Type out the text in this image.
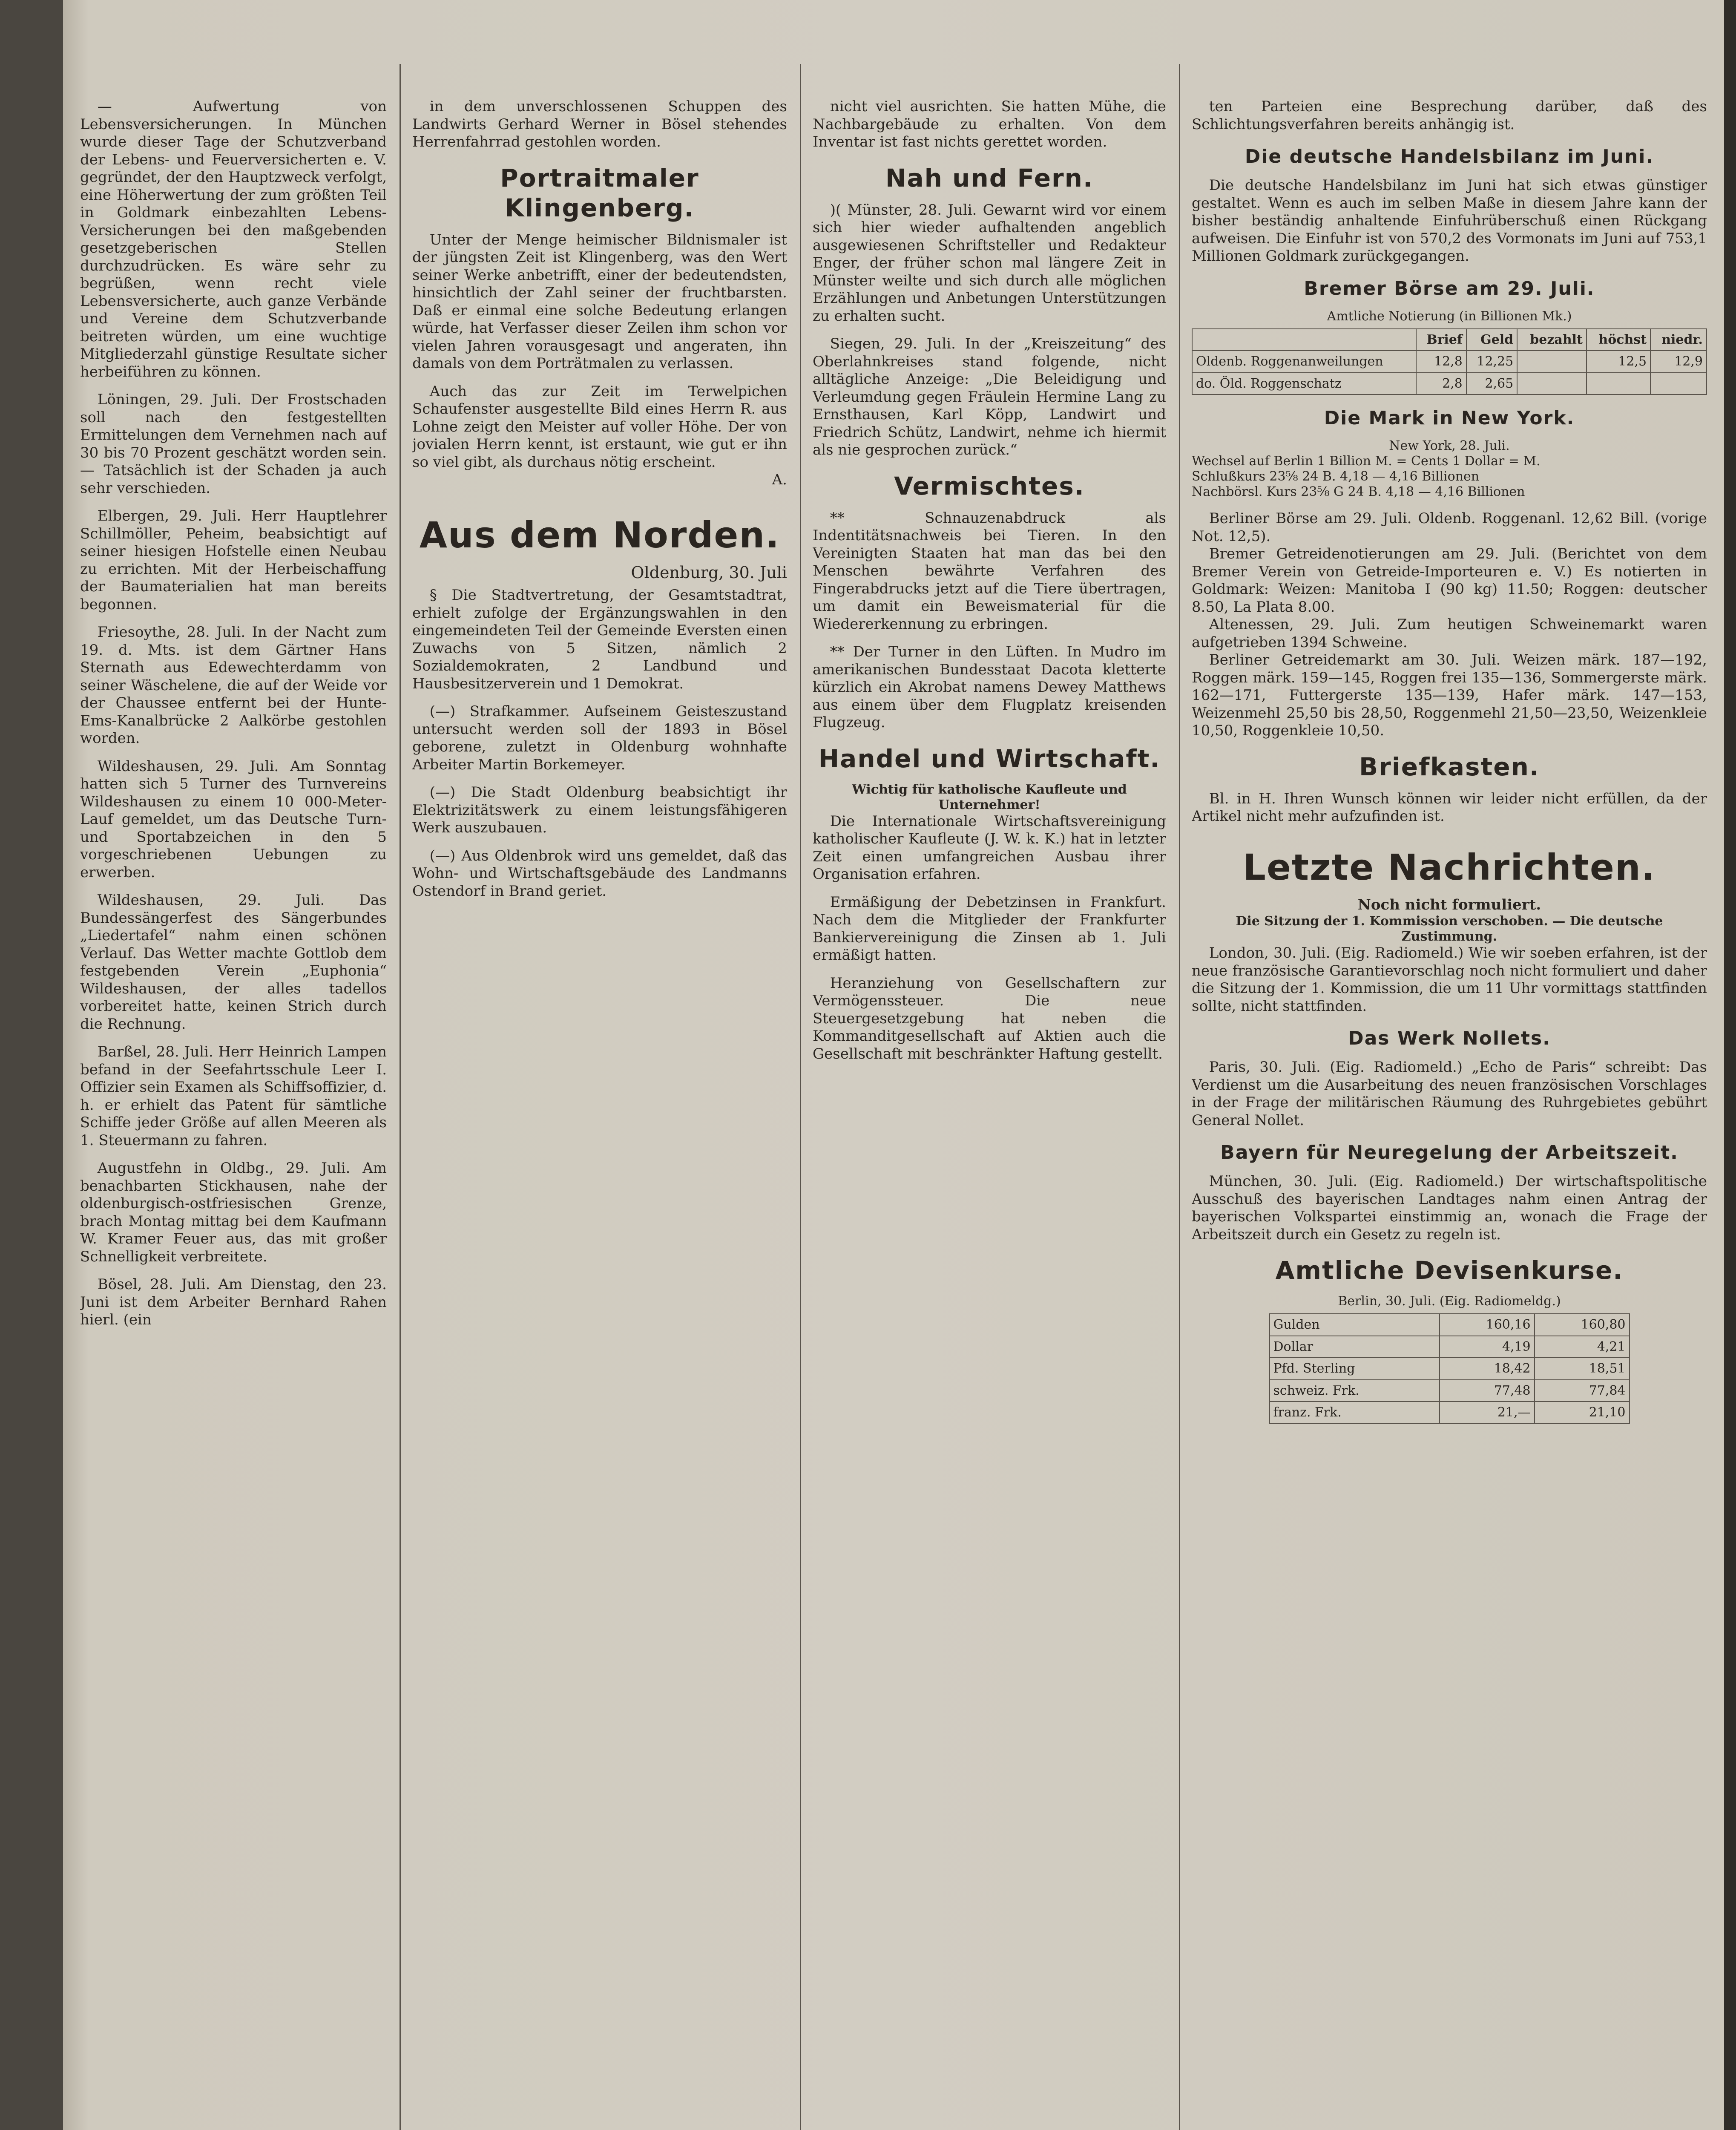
— Aufwertung von Lebensversicherungen. In München wurde dieser Tage der Schutzverband der Lebens- und Feuerversicherten e. V. gegründet, der den Hauptzweck verfolgt, eine Höherwertung der zum größten Teil in Goldmark einbezahlten Lebens-Versicherungen bei den maßgebenden gesetzgeberischen Stellen durchzudrücken. Es wäre sehr zu begrüßen, wenn recht viele Lebensversicherte, auch ganze Verbände und Vereine dem Schutzverbande beitreten würden, um eine wuchtige Mitgliederzahl günstige Resultate sicher herbeiführen zu können.

Löningen, 29. Juli. Der Frostschaden soll nach den festgestellten Ermittelungen dem Vernehmen nach auf 30 bis 70 Prozent geschätzt worden sein. — Tatsächlich ist der Schaden ja auch sehr verschieden.

Elbergen, 29. Juli. Herr Hauptlehrer Schillmöller, Peheim, beabsichtigt auf seiner hiesigen Hofstelle einen Neubau zu errichten. Mit der Herbeischaffung der Baumaterialien hat man bereits begonnen.

Friesoythe, 28. Juli. In der Nacht zum 19. d. Mts. ist dem Gärtner Hans Sternath aus Edewechterdamm von seiner Wäschelene, die auf der Weide vor der Chaussee entfernt bei der Hunte-Ems-Kanalbrücke 2 Aalkörbe gestohlen worden.

Wildeshausen, 29. Juli. Am Sonntag hatten sich 5 Turner des Turnvereins Wildeshausen zu einem 10 000-Meter-Lauf gemeldet, um das Deutsche Turn- und Sportabzeichen in den 5 vorgeschriebenen Uebungen zu erwerben.

Wildeshausen, 29. Juli. Das Bundessängerfest des Sängerbundes „Liedertafel“ nahm einen schönen Verlauf. Das Wetter machte Gottlob dem festgebenden Verein „Euphonia“ Wildeshausen, der alles tadellos vorbereitet hatte, keinen Strich durch die Rechnung.

Barßel, 28. Juli. Herr Heinrich Lampen befand in der Seefahrtsschule Leer I. Offizier sein Examen als Schiffsoffizier, d. h. er erhielt das Patent für sämtliche Schiffe jeder Größe auf allen Meeren als 1. Steuermann zu fahren.

Augustfehn in Oldbg., 29. Juli. Am benachbarten Stickhausen, nahe der oldenburgisch-ostfriesischen Grenze, brach Montag mittag bei dem Kaufmann W. Kramer Feuer aus, das mit großer Schnelligkeit verbreitete.

Bösel, 28. Juli. Am Dienstag, den 23. Juni ist dem Arbeiter Bernhard Rahen hierl. (ein

in dem unverschlossenen Schuppen des Landwirts Gerhard Werner in Bösel stehendes Herrenfahrrad gestohlen worden.

Portraitmaler Klingenberg.

Unter der Menge heimischer Bildnismaler ist der jüngsten Zeit ist Klingenberg, was den Wert seiner Werke anbetrifft, einer der bedeutendsten, hinsichtlich der Zahl seiner der fruchtbarsten. Daß er einmal eine solche Bedeutung erlangen würde, hat Verfasser dieser Zeilen ihm schon vor vielen Jahren vorausgesagt und angeraten, ihn damals von dem Porträtmalen zu verlassen.

Auch das zur Zeit im Terwelpichen Schaufenster ausgestellte Bild eines Herrn R. aus Lohne zeigt den Meister auf voller Höhe. Der von jovialen Herrn kennt, ist erstaunt, wie gut er ihn so viel gibt, als durchaus nötig erscheint.

A.
Aus dem Norden.
Oldenburg, 30. Juli

§ Die Stadtvertretung, der Gesamtstadtrat, erhielt zufolge der Ergänzungswahlen in den eingemeindeten Teil der Gemeinde Eversten einen Zuwachs von 5 Sitzen, nämlich 2 Sozialdemokraten, 2 Landbund und Hausbesitzerverein und 1 Demokrat.

(—) Strafkammer. Aufseinem Geisteszustand untersucht werden soll der 1893 in Bösel geborene, zuletzt in Oldenburg wohnhafte Arbeiter Martin Borkemeyer.

(—) Die Stadt Oldenburg beabsichtigt ihr Elektrizitätswerk zu einem leistungsfähigeren Werk auszubauen.

(—) Aus Oldenbrok wird uns gemeldet, daß das Wohn- und Wirtschaftsgebäude des Landmanns Ostendorf in Brand geriet.

nicht viel ausrichten. Sie hatten Mühe, die Nachbargebäude zu erhalten. Von dem Inventar ist fast nichts gerettet worden.

Nah und Fern.

)( Münster, 28. Juli. Gewarnt wird vor einem sich hier wieder aufhaltenden angeblich ausgewiesenen Schriftsteller und Redakteur Enger, der früher schon mal längere Zeit in Münster weilte und sich durch alle möglichen Erzählungen und Anbetungen Unterstützungen zu erhalten sucht.

Siegen, 29. Juli. In der „Kreiszeitung“ des Oberlahnkreises stand folgende, nicht alltägliche Anzeige: „Die Beleidigung und Verleumdung gegen Fräulein Hermine Lang zu Ernsthausen, Karl Köpp, Landwirt und Friedrich Schütz, Landwirt, nehme ich hiermit als nie gesprochen zurück.“

Vermischtes.

** Schnauzenabdruck als Indentitätsnachweis bei Tieren. In den Vereinigten Staaten hat man das bei den Menschen bewährte Verfahren des Fingerabdrucks jetzt auf die Tiere übertragen, um damit ein Beweismaterial für die Wiedererkennung zu erbringen.

** Der Turner in den Lüften. In Mudro im amerikanischen Bundesstaat Dacota kletterte kürzlich ein Akrobat namens Dewey Matthews aus einem über dem Flugplatz kreisenden Flugzeug.

Handel und Wirtschaft.
Wichtig für katholische Kaufleute und Unternehmer!

Die Internationale Wirtschaftsvereinigung katholischer Kaufleute (J. W. k. K.) hat in letzter Zeit einen umfangreichen Ausbau ihrer Organisation erfahren.

Ermäßigung der Debetzinsen in Frankfurt. Nach dem die Mitglieder der Frankfurter Bankiervereinigung die Zinsen ab 1. Juli ermäßigt hatten.

Heranziehung von Gesellschaftern zur Vermögenssteuer. Die neue Steuergesetzgebung hat neben die Kommanditgesellschaft auf Aktien auch die Gesellschaft mit beschränkter Haftung gestellt.

ten Parteien eine Besprechung darüber, daß des Schlichtungsverfahren bereits anhängig ist.

Die deutsche Handelsbilanz im Juni.

Die deutsche Handelsbilanz im Juni hat sich etwas günstiger gestaltet. Wenn es auch im selben Maße in diesem Jahre kann der bisher beständig anhaltende Einfuhrüberschuß einen Rückgang aufweisen. Die Einfuhr ist von 570,2 des Vormonats im Juni auf 753,1 Millionen Goldmark zurückgegangen.

Bremer Börse am 29. Juli.
Amtliche Notierung (in Billionen Mk.)
	Brief	Geld	bezahlt	höchst	niedr.
Oldenb. Roggenanweilungen	12,8	12,25		12,5	12,9
do. Öld. Roggenschatz	2,8	2,65			
Die Mark in New York.
New York, 28. Juli.
Wechsel auf Berlin 1 Billion M. = Cents 1 Dollar = M.
Schlußkurs 23⅝ 24 B. 4,18 — 4,16 Billionen
Nachbörsl. Kurs 23⅝ G 24 B. 4,18 — 4,16 Billionen

Berliner Börse am 29. Juli. Oldenb. Roggenanl. 12,62 Bill. (vorige Not. 12,5).

Bremer Getreidenotierungen am 29. Juli. (Berichtet von dem Bremer Verein von Getreide-Importeuren e. V.) Es notierten in Goldmark: Weizen: Manitoba I (90 kg) 11.50; Roggen: deutscher 8.50, La Plata 8.00.

Altenessen, 29. Juli. Zum heutigen Schweinemarkt waren aufgetrieben 1394 Schweine.

Berliner Getreidemarkt am 30. Juli. Weizen märk. 187—192, Roggen märk. 159—145, Roggen frei 135—136, Sommergerste märk. 162—171, Futtergerste 135—139, Hafer märk. 147—153, Weizenmehl 25,50 bis 28,50, Roggenmehl 21,50—23,50, Weizenkleie 10,50, Roggenkleie 10,50.

Briefkasten.

Bl. in H. Ihren Wunsch können wir leider nicht erfüllen, da der Artikel nicht mehr aufzufinden ist.

Letzte Nachrichten.
Noch nicht formuliert.
Die Sitzung der 1. Kommission verschoben. — Die deutsche Zustimmung.

London, 30. Juli. (Eig. Radiomeld.) Wie wir soeben erfahren, ist der neue französische Garantievorschlag noch nicht formuliert und daher die Sitzung der 1. Kommission, die um 11 Uhr vormittags stattfinden sollte, nicht stattfinden.

Das Werk Nollets.

Paris, 30. Juli. (Eig. Radiomeld.) „Echo de Paris“ schreibt: Das Verdienst um die Ausarbeitung des neuen französischen Vorschlages in der Frage der militärischen Räumung des Ruhrgebietes gebührt General Nollet.

Bayern für Neuregelung der Arbeitszeit.

München, 30. Juli. (Eig. Radiomeld.) Der wirtschaftspolitische Ausschuß des bayerischen Landtages nahm einen Antrag der bayerischen Volkspartei einstimmig an, wonach die Frage der Arbeitszeit durch ein Gesetz zu regeln ist.

Amtliche Devisenkurse.
Berlin, 30. Juli. (Eig. Radiomeldg.)
Gulden	160,16	160,80
Dollar	4,19	4,21
Pfd. Sterling	18,42	18,51
schweiz. Frk.	77,48	77,84
franz. Frk.	21,—	21,10
